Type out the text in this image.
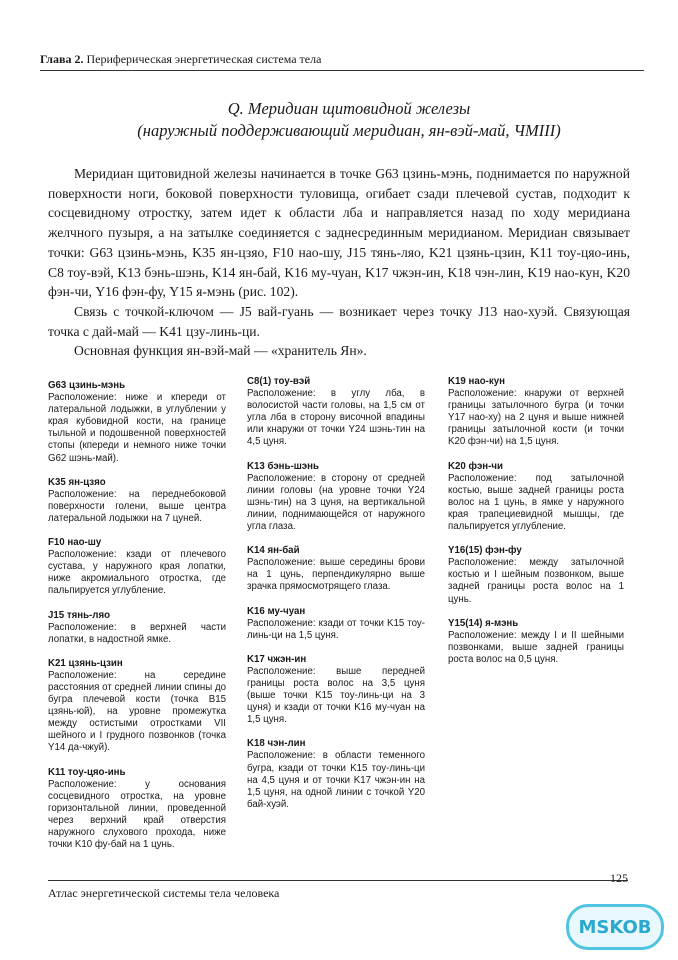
Глава 2. Периферическая энергетическая система тела
Q. Меридиан щитовидной железы
(наружный поддерживающий меридиан, ян-вэй-май, ЧМIII)

Меридиан щитовидной железы начинается в точке G63 цзинь-мэнь, поднимается по наружной поверхности ноги, боковой поверхности туловища, огибает сзади плечевой сустав, подходит к сосцевидному отростку, затем идет к области лба и направляется назад по ходу меридиана желчного пузыря, а на затылке соединяется с заднесрединным меридианом. Меридиан связывает точки: G63 цзинь-мэнь, K35 ян-цзяо, F10 нао-шу, J15 тянь-ляо, K21 цзянь-цзин, K11 тоу-цяо-инь, C8 тоу-вэй, K13 бэнь-шэнь, K14 ян-бай, K16 му-чуан, K17 чжэн-ин, K18 чэн-лин, K19 нао-кун, K20 фэн-чи, Y16 фэн-фу, Y15 я-мэнь (рис. 102).

Связь с точкой-ключом — J5 вай-гуань — возникает через точку J13 нао-хуэй. Связующая точка с дай-май — K41 цзу-линь-ци.

Основная функция ян-вэй-май — «хранитель Ян».

G63 цзинь-мэнь
Расположение: ниже и кпереди от латеральной лодыжки, в углублении у края кубовидной кости, на границе тыльной и подошвенной поверхностей стопы (кпереди и немного ниже точки G62 шэнь-май).
K35 ян-цзяо
Расположение: на переднебоковой поверхности голени, выше центра латеральной лодыжки на 7 цуней.
F10 нао-шу
Расположение: кзади от плечевого сустава, у наружного края лопатки, ниже акромиального отростка, где пальпируется углубление.
J15 тянь-ляо
Расположение: в верхней части лопатки, в надостной ямке.
K21 цзянь-цзин
Расположение: на середине расстояния от средней линии спины до бугра плечевой кости (точка B15 цзянь-юй), на уровне промежутка между остистыми отростками VII шейного и I грудного позвонков (точка Y14 да-чжуй).
K11 тоу-цяо-инь
Расположение: у основания сосцевидного отростка, на уровне горизонтальной линии, проведенной через верхний край отверстия наружного слухового прохода, ниже точки K10 фу-бай на 1 цунь.
C8(1) тоу-вэй
Расположение: в углу лба, в волосистой части головы, на 1,5 см от угла лба в сторону височной впадины или кнаружи от точки Y24 шэнь-тин на 4,5 цуня.
K13 бэнь-шэнь
Расположение: в сторону от средней линии головы (на уровне точки Y24 шэнь-тин) на 3 цуня, на вертикальной линии, поднимающейся от наружного угла глаза.
K14 ян-бай
Расположение: выше середины брови на 1 цунь, перпендикулярно выше зрачка прямосмотрящего глаза.
K16 му-чуан
Расположение: кзади от точки K15 тоу-линь-ци на 1,5 цуня.
K17 чжэн-ин
Расположение: выше передней границы роста волос на 3,5 цуня (выше точки K15 тоу-линь-ци на 3 цуня) и кзади от точки K16 му-чуан на 1,5 цуня.
K18 чэн-лин
Расположение: в области теменного бугра, кзади от точки K15 тоу-линь-ци на 4,5 цуня и от точки K17 чжэн-ин на 1,5 цуня, на одной линии с точкой Y20 бай-хуэй.
K19 нао-кун
Расположение: кнаружи от верхней границы затылочного бугра (и точки Y17 нао-ху) на 2 цуня и выше нижней границы затылочной кости (и точки K20 фэн-чи) на 1,5 цуня.
K20 фэн-чи
Расположение: под затылочной костью, выше задней границы роста волос на 1 цунь, в ямке у наружного края трапециевидной мышцы, где пальпируется углубление.
Y16(15) фэн-фу
Расположение: между затылочной костью и I шейным позвонком, выше задней границы роста волос на 1 цунь.
Y15(14) я-мэнь
Расположение: между I и II шейными позвонками, выше задней границы роста волос на 0,5 цуня.
125
Атлас энергетической системы тела человека
MSKOB
